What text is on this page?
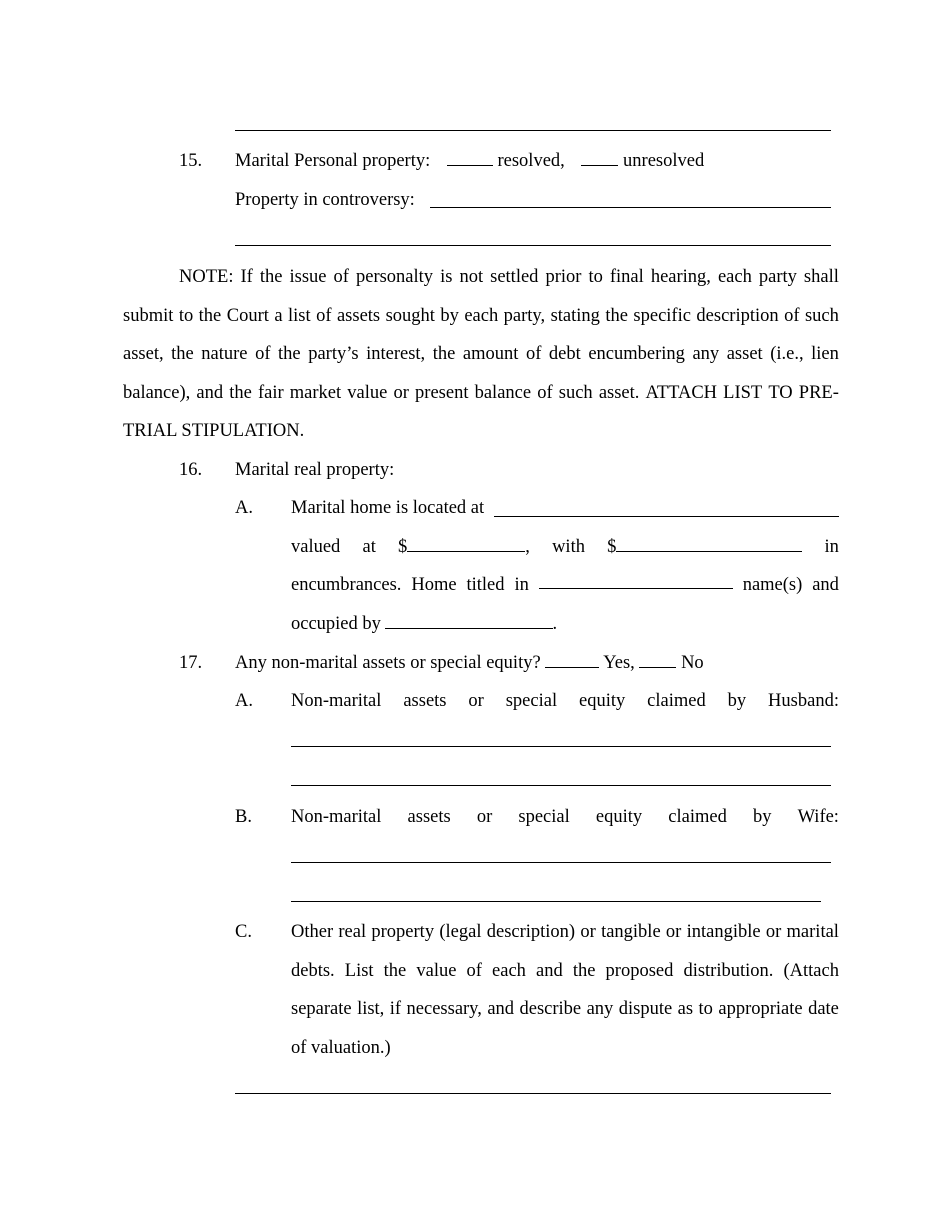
15. Marital Personal property:	resolved,	unresolved
Property in controversy:
NOTE: If the issue of personalty is not settled prior to final hearing, each party shall
submit to the Court a list of assets sought by each party, stating the specific description of such
asset, the nature of the party’s interest, the amount of debt encumbering any asset (i.e., lien
balance), and the fair market value or present balance of such asset. ATTACH LIST TO PRE-
TRIAL STIPULATION.
16. Marital real property:
A. Marital home is located at
valued at $	, with $	in
encumbrances. Home titled in	name(s) and
occupied by	.
17. Any non-marital assets or special equity?	Yes,	No
A. Non-marital assets or special equity claimed by Husband:
B. Non-marital assets or special equity claimed by Wife:
C. Other real property (legal description) or tangible or intangible or marital
debts. List the value of each and the proposed distribution. (Attach
separate list, if necessary, and describe any dispute as to appropriate date
of valuation.)
